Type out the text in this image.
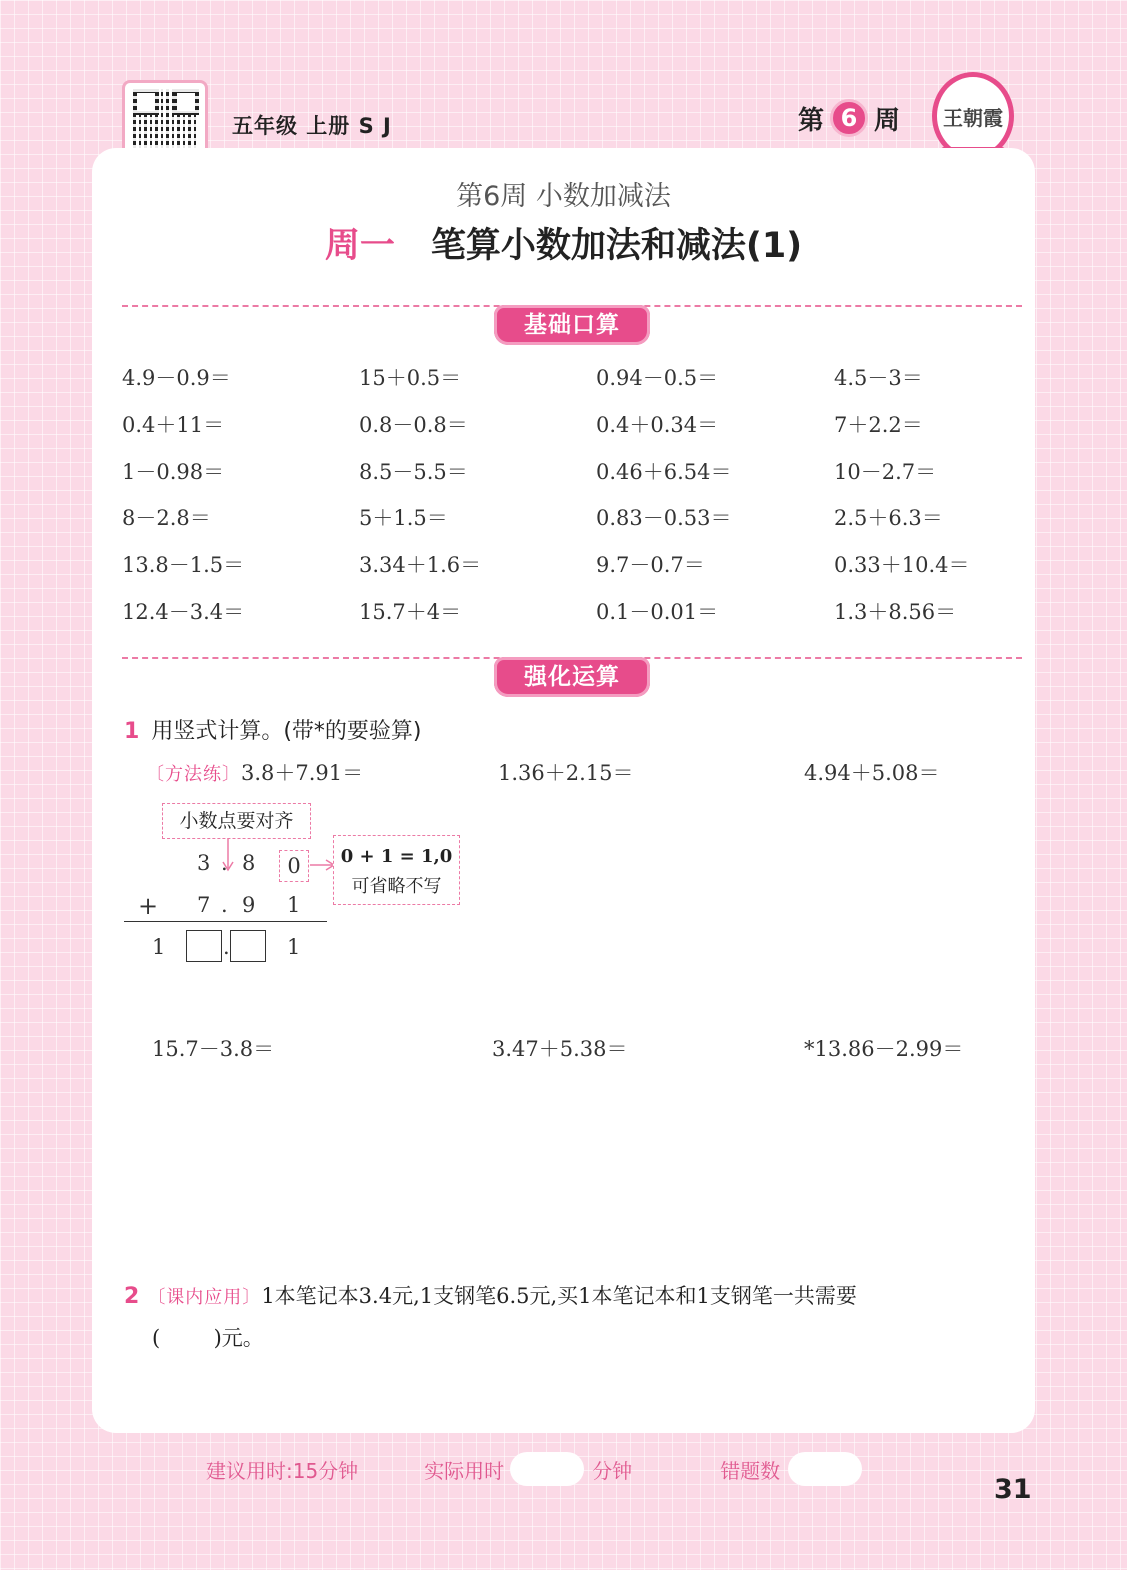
五年级 上册 S J	第 6 周 王朝霞
第6周 小数加减法
周一 笔算小数加法和减法(1)
基础口算
4.9－0.9＝	15＋0.5＝	0.94－0.5＝	4.5－3＝
0.4＋11＝	0.8－0.8＝	0.4＋0.34＝	7＋2.2＝
1－0.98＝	8.5－5.5＝	0.46＋6.54＝	10－2.7＝
8－2.8＝	5＋1.5＝	0.83－0.53＝	2.5＋6.3＝
13.8－1.5＝	3.34＋1.6＝	9.7－0.7＝	0.33＋10.4＝
12.4－3.4＝	15.7＋4＝	0.1－0.01＝	1.3＋8.56＝
强化运算
1 用竖式计算。(带*的要验算)
〔方法练〕3.8＋7.91＝	1.36＋2.15＝	4.94＋5.08＝
小数点要对齐
3 . 8	0	0 + 1 = 1,0
可省略不写
+ 7 . 9 1
1	.	1
15.7－3.8＝	3.47＋5.38＝	*13.86－2.99＝
2 〔课内应用〕1本笔记本3.4元,1支钢笔6.5元,买1本笔记本和1支钢笔一共需要
(        )元。
建议用时:15分钟	实际用时	分钟	错题数
31
